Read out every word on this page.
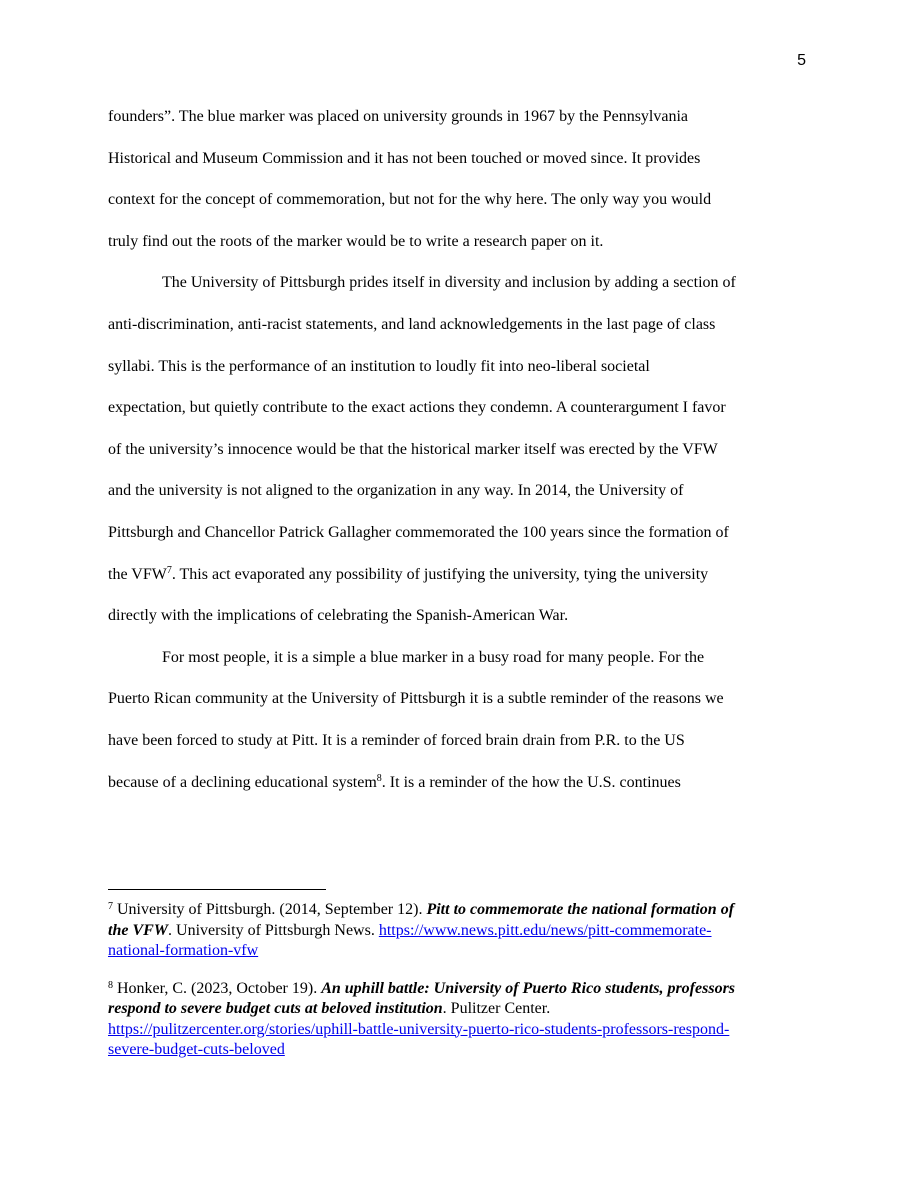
5
founders”. The blue marker was placed on university grounds in 1967 by the Pennsylvania
Historical and Museum Commission and it has not been touched or moved since. It provides
context for the concept of commemoration, but not for the why here. The only way you would
truly find out the roots of the marker would be to write a research paper on it.
The University of Pittsburgh prides itself in diversity and inclusion by adding a section of
anti-discrimination, anti-racist statements, and land acknowledgements in the last page of class
syllabi. This is the performance of an institution to loudly fit into neo-liberal societal
expectation, but quietly contribute to the exact actions they condemn. A counterargument I favor
of the university’s innocence would be that the historical marker itself was erected by the VFW
and the university is not aligned to the organization in any way. In 2014, the University of
Pittsburgh and Chancellor Patrick Gallagher commemorated the 100 years since the formation of
the VFW$^7$. This act evaporated any possibility of justifying the university, tying the university
directly with the implications of celebrating the Spanish-American War.
For most people, it is a simple a blue marker in a busy road for many people. For the
Puerto Rican community at the University of Pittsburgh it is a subtle reminder of the reasons we
have been forced to study at Pitt. It is a reminder of forced brain drain from P.R. to the US
because of a declining educational system$^8$. It is a reminder of the how the U.S. continues
$^7$ University of Pittsburgh. (2014, September 12). Pitt to commemorate the national formation of
the VFW. University of Pittsburgh News. https://www.news.pitt.edu/news/pitt-commemorate-
national-formation-vfw
$^8$ Honker, C. (2023, October 19). An uphill battle: University of Puerto Rico students, professors
respond to severe budget cuts at beloved institution. Pulitzer Center.
https://pulitzercenter.org/stories/uphill-battle-university-puerto-rico-students-professors-respond-
severe-budget-cuts-beloved
